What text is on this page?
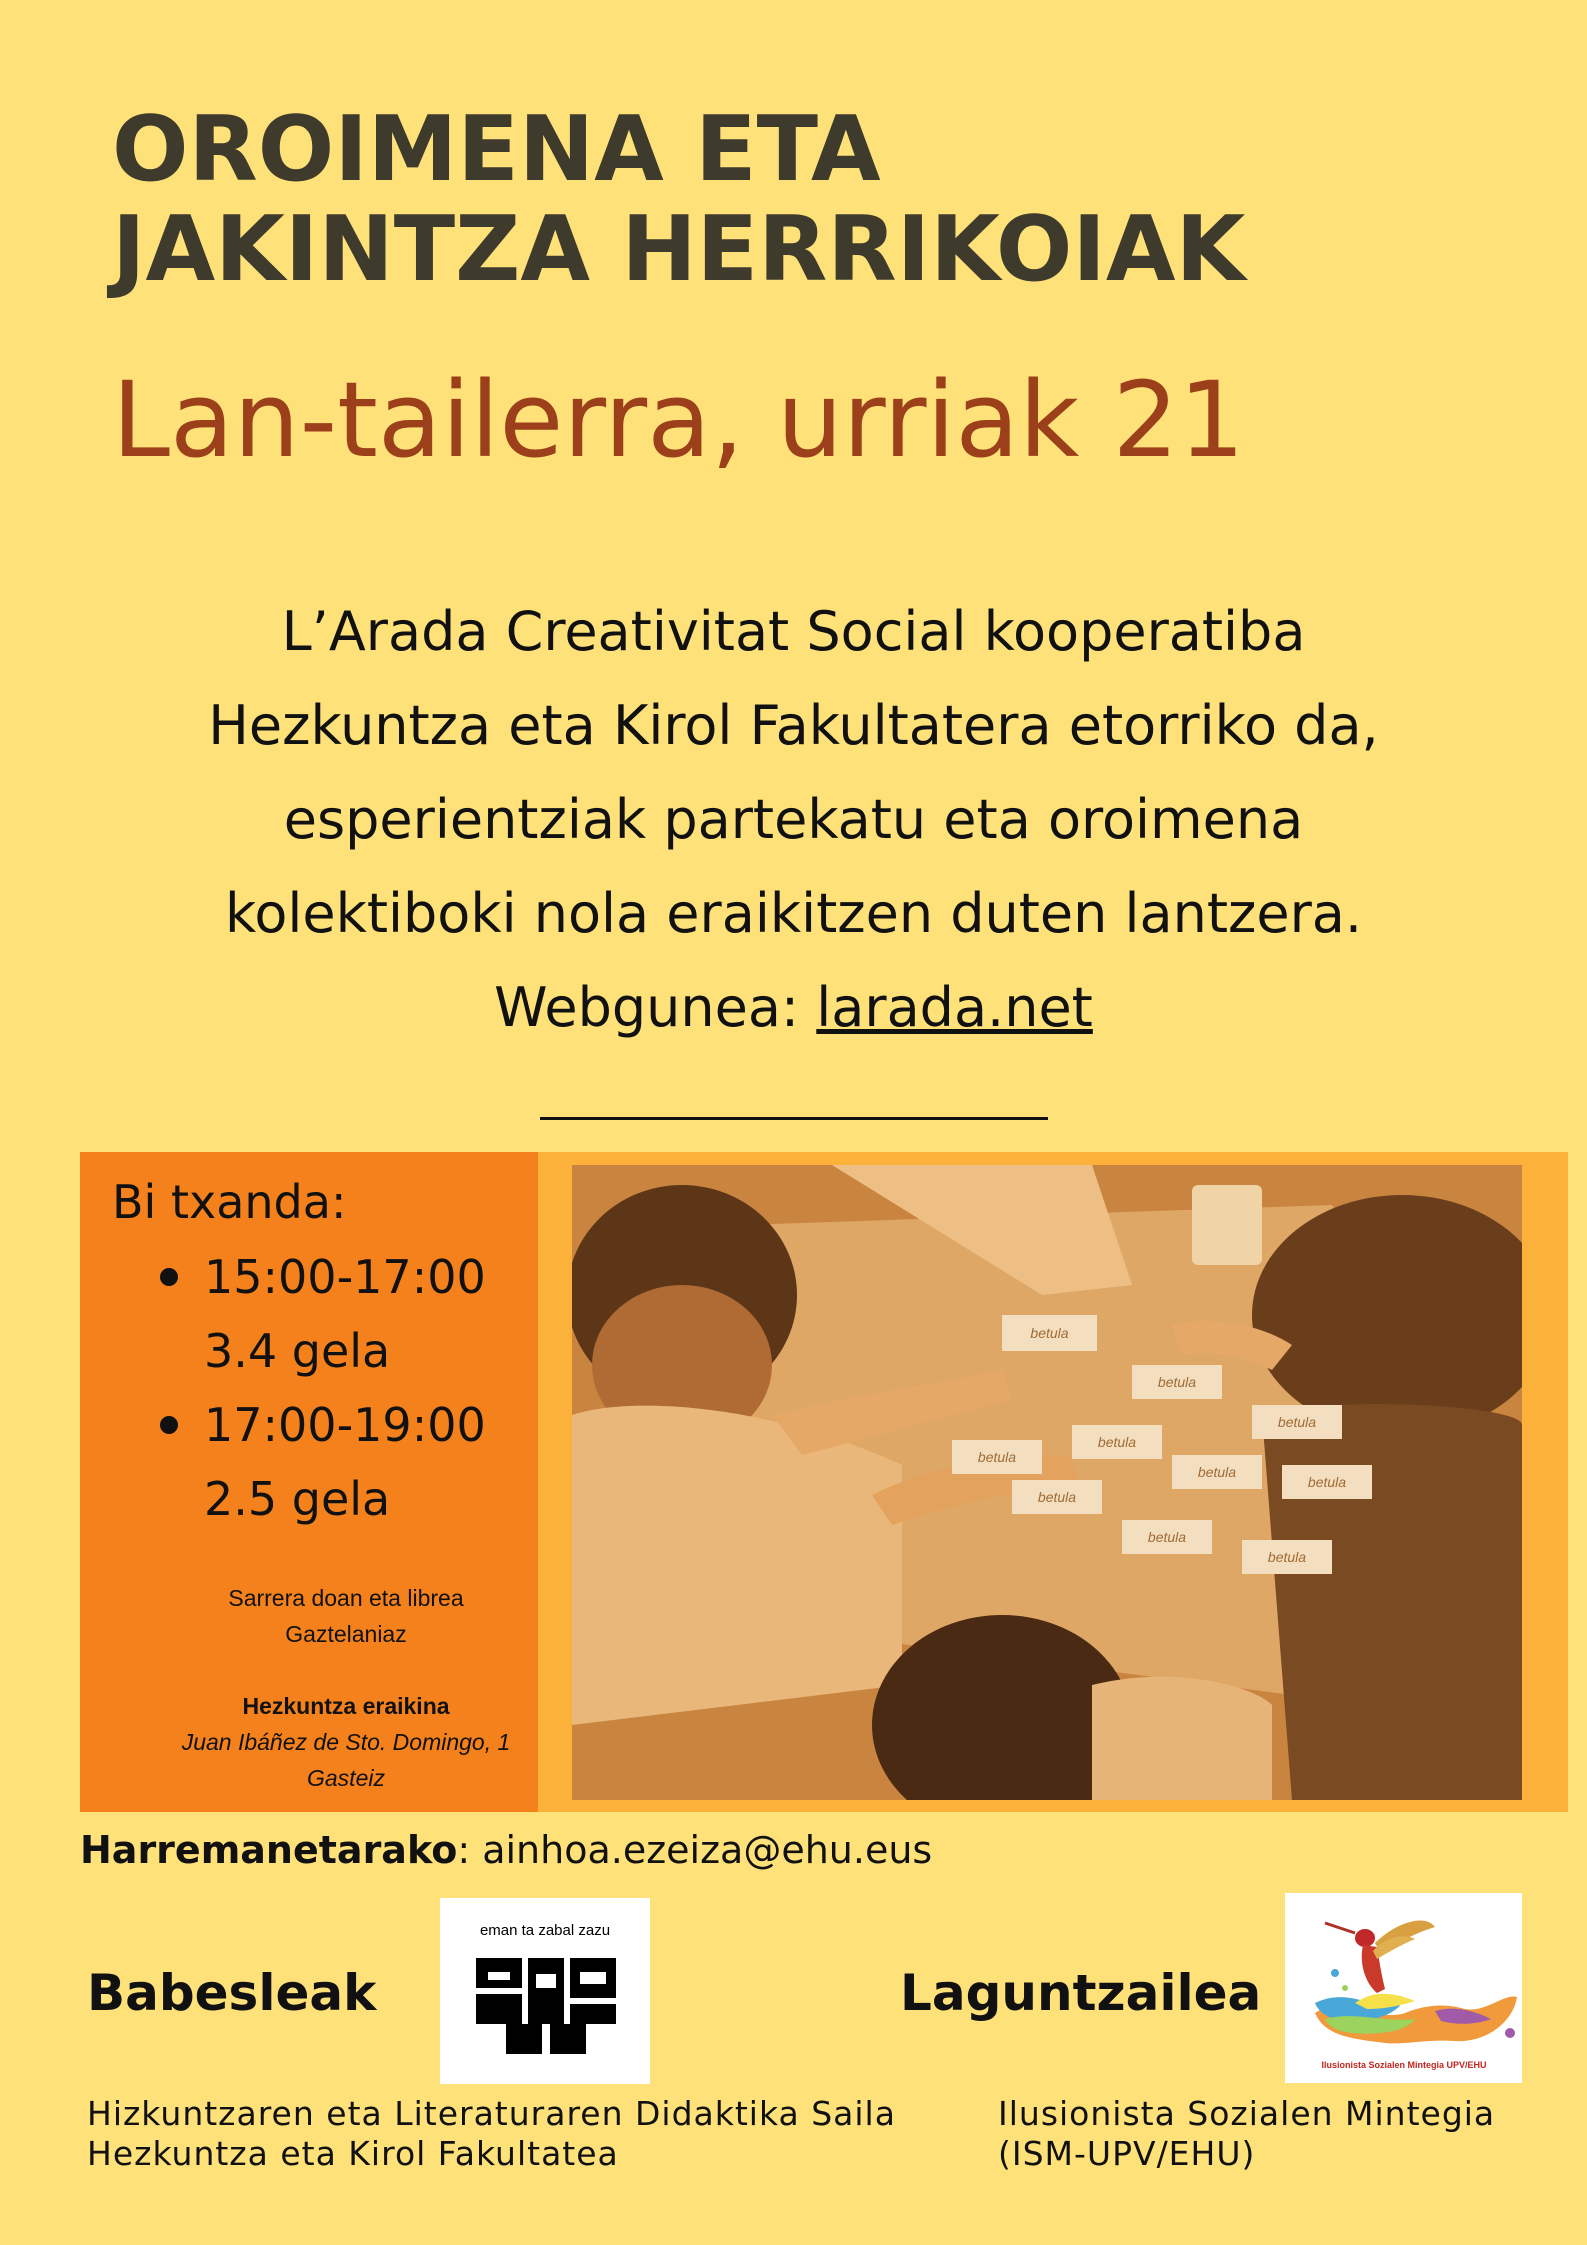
OROIMENA ETA
JAKINTZA HERRIKOIAK
Lan-tailerra, urriak 21
L’Arada Creativitat Social kooperatiba
Hezkuntza eta Kirol Fakultatera etorriko da,
esperientziak partekatu eta oroimena
kolektiboki nola eraikitzen duten lantzera.
Webgunea: larada.net
betula
betula
betula
betula
betula
betula
betula
betula
betula
betula
Bi txanda:
15:00-17:00
3.4 gela
17:00-19:00
2.5 gela
Sarrera doan eta librea
Gaztelaniaz
Hezkuntza eraikina
Juan Ibáñez de Sto. Domingo, 1
Gasteiz
Harremanetarako: ainhoa.ezeiza@ehu.eus
Babesleak
eman ta zabal zazu
Laguntzailea
Ilusionista Sozialen Mintegia UPV/EHU
Hizkuntzaren eta Literaturaren Didaktika Saila
Hezkuntza eta Kirol Fakultatea
Ilusionista Sozialen Mintegia
(ISM-UPV/EHU)
